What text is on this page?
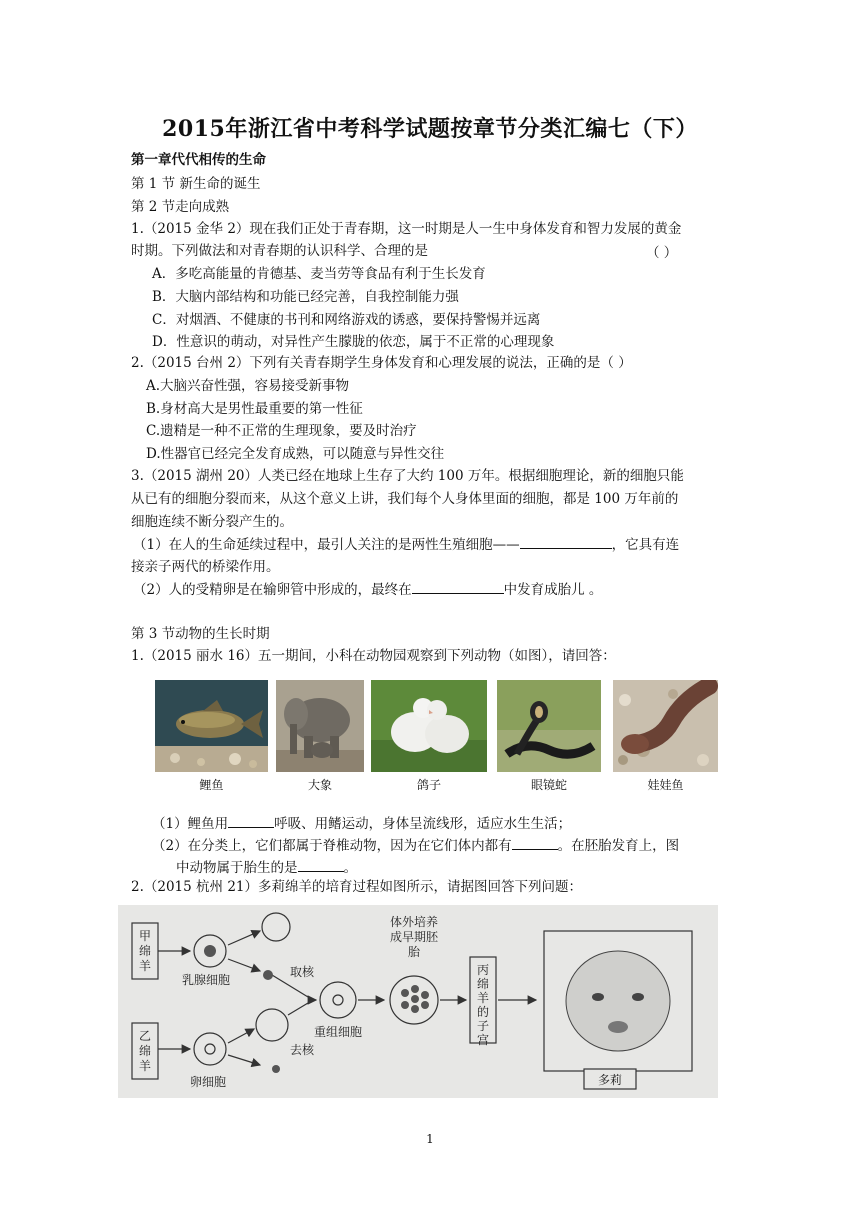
2015年浙江省中考科学试题按章节分类汇编七（下）
第一章代代相传的生命
第 1 节 新生命的诞生
第 2 节走向成熟
1.（2015 金华 2）现在我们正处于青春期，这一时期是人一生中身体发育和智力发展的黄金
时期。下列做法和对青春期的认识科学、合理的是	（ ）
A．多吃高能量的肯德基、麦当劳等食品有利于生长发育
B．大脑内部结构和功能已经完善，自我控制能力强
C．对烟酒、不健康的书刊和网络游戏的诱惑，要保持警惕并远离
D．性意识的萌动，对异性产生朦胧的依恋，属于不正常的心理现象
2.（2015 台州 2）下列有关青春期学生身体发育和心理发展的说法，正确的是（ ）
A.大脑兴奋性强，容易接受新事物
B.身材高大是男性最重要的第一性征
C.遗精是一种不正常的生理现象，要及时治疗
D.性器官已经完全发育成熟，可以随意与异性交往
3.（2015 湖州 20）人类已经在地球上生存了大约 100 万年。根据细胞理论，新的细胞只能
从已有的细胞分裂而来，从这个意义上讲，我们每个人身体里面的细胞，都是 100 万年前的
细胞连续不断分裂产生的。
（1）在人的生命延续过程中，最引人关注的是两性生殖细胞——	，它具有连
接亲子两代的桥梁作用。
（2）人的受精卵是在输卵管中形成的，最终在	中发育成胎儿 。
第 3 节动物的生长时期
1.（2015 丽水 16）五一期间，小科在动物园观察到下列动物（如图），请回答：
鲤鱼	大象	鸽子	眼镜蛇	娃娃鱼
（1）鲤鱼用	呼吸、用鳍运动，身体呈流线形，适应水生生活；
（2）在分类上，它们都属于脊椎动物，因为在它们体内都有	。在胚胎发育上，图
中动物属于胎生的是	。
2.（2015 杭州 21）多莉绵羊的培育过程如图所示，请据图回答下列问题：
甲绵羊
乙绵羊
乳腺细胞
取核
卵细胞
去核
重组细胞
体外培养成早期胚胎
丙绵羊的子宫
多莉
1
